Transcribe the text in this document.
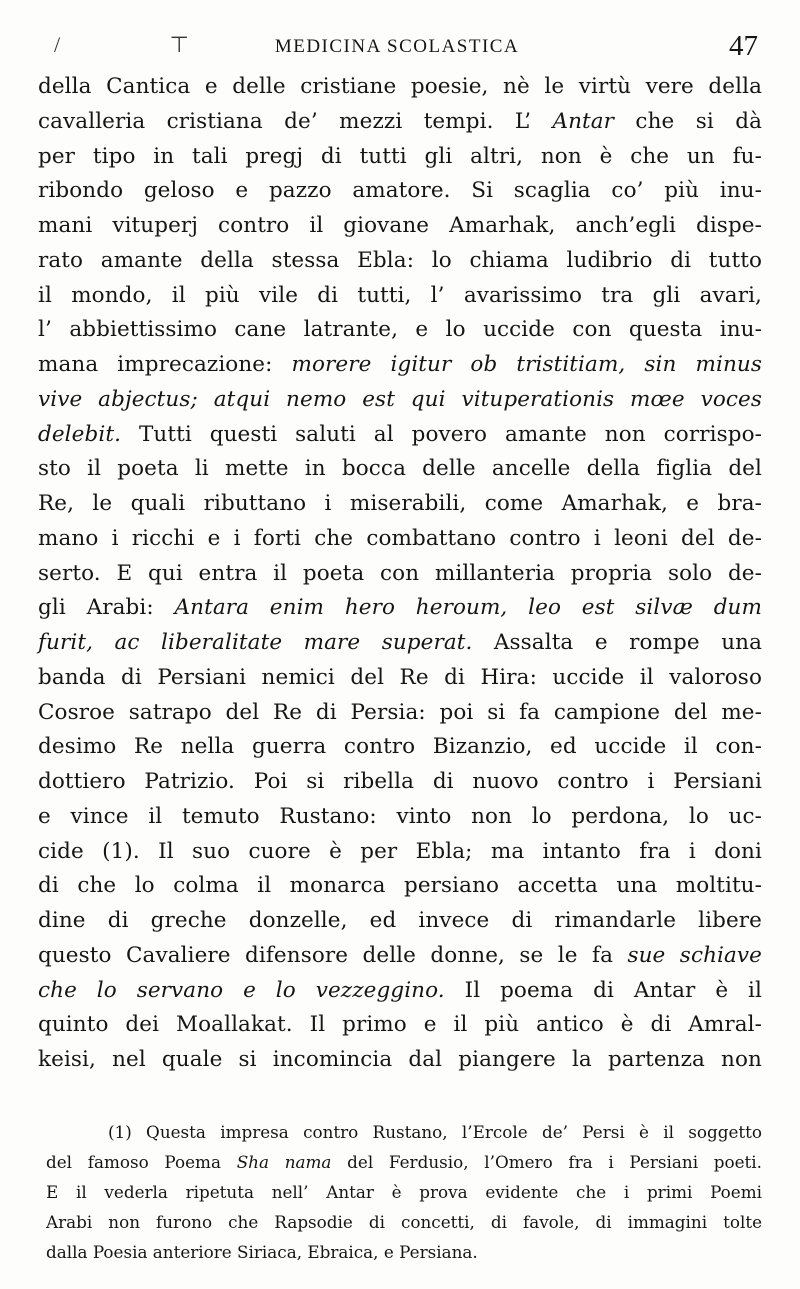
/ ⊤	MEDICINA SCOLASTICA	47
della Cantica e delle cristiane poesie, nè le virtù vere della
cavalleria cristiana de’ mezzi tempi. L’ Antar che si dà
per tipo in tali pregj di tutti gli altri, non è che un fu-
ribondo geloso e pazzo amatore. Si scaglia co’ più inu-
mani vituperj contro il giovane Amarhak, anch’egli dispe-
rato amante della stessa Ebla: lo chiama ludibrio di tutto
il mondo, il più vile di tutti, l’ avarissimo tra gli avari,
l’ abbiettissimo cane latrante, e lo uccide con questa inu-
mana imprecazione: morere igitur ob tristitiam, sin minus
vive abjectus; atqui nemo est qui vituperationis mœe voces
delebit. Tutti questi saluti al povero amante non corrispo-
sto il poeta li mette in bocca delle ancelle della figlia del
Re, le quali ributtano i miserabili, come Amarhak, e bra-
mano i ricchi e i forti che combattano contro i leoni del de-
serto. E qui entra il poeta con millanteria propria solo de-
gli Arabi: Antara enim hero heroum, leo est silvæ dum
furit, ac liberalitate mare superat. Assalta e rompe una
banda di Persiani nemici del Re di Hira: uccide il valoroso
Cosroe satrapo del Re di Persia: poi si fa campione del me-
desimo Re nella guerra contro Bizanzio, ed uccide il con-
dottiero Patrizio. Poi si ribella di nuovo contro i Persiani
e vince il temuto Rustano: vinto non lo perdona, lo uc-
cide (1). Il suo cuore è per Ebla; ma intanto fra i doni
di che lo colma il monarca persiano accetta una moltitu-
dine di greche donzelle, ed invece di rimandarle libere
questo Cavaliere difensore delle donne, se le fa sue schiave
che lo servano e lo vezzeggino. Il poema di Antar è il
quinto dei Moallakat. Il primo e il più antico è di Amral-
keisi, nel quale si incomincia dal piangere la partenza non
(1) Questa impresa contro Rustano, l’Ercole de’ Persi è il soggetto
del famoso Poema Sha nama del Ferdusio, l’Omero fra i Persiani poeti.
E il vederla ripetuta nell’ Antar è prova evidente che i primi Poemi
Arabi non furono che Rapsodie di concetti, di favole, di immagini tolte
dalla Poesia anteriore Siriaca, Ebraica, e Persiana.
